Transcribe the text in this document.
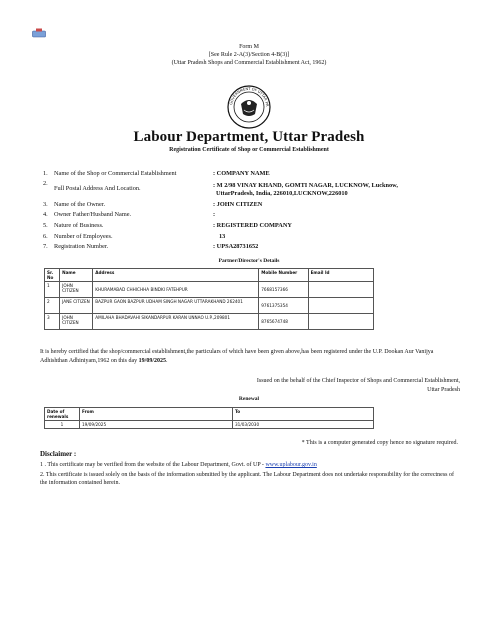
Form M
[See Rule 2-A(3)/Section 4-B(3)]
(Uttar Pradesh Shops and Commercial Establishment Act, 1962)
GOVERNMENT OF UTTAR PR
Labour Department, Uttar Pradesh
Registration Certificate of Shop or Commercial Establishment
1. Name of the Shop or Commercial Establishment	: COMPANY NAME
2.
Full Postal Address And Location.	: M 2/98 VINAY KHAND, GOMTI NAGAR, LUCKNOW, Lucknow,
UttarPradesh, India, 226010,LUCKNOW,226010
3. Name of the Owner.	: JOHN CITIZEN
4. Owner Father/Husband Name.	:
5. Nature of Business.	: REGISTERED COMPANY
6. Number of Employees.	13
7. Registration Number.	: UPSA28731652
Partner/Director's Details
Sr. No	Name	Address	Mobile Number	Email Id
1	JOHN CITIZEN	KHURAMABAD CHHICHHA BINDKI FATEHPUR	7668157366	
2	JANE CITIZEN	BAZPUR GAON BAZPUR UDHAM SINGH NAGAR UTTARAKHAND 262401	9761375354	
3	JOHN CITIZEN	AMILAHA BHADAVAHI SIKANDARPUR KARAN UNNAO U.P.,209801	8765674748	
It is hereby certified that the shop/commercial establishment,the particulars of which have been given above,has been registered under the U.P. Dookan Aur Vanijya Adhishthan Adhiniyam,1962 on this day 19/09/2025.
Issued on the behalf of the Chief Inspector of Shops and Commercial Establishment,
Uttar Pradesh
Renewal
Date of renewals	From	To
1	19/09/2025	31/03/2030
* This is a computer generated copy hence no signature required.
Disclaimer :
1 . This certificate may be verified from the website of the Labour Department, Govt. of UP - www.uplabour.gov.in
2. This certificate is issued solely on the basis of the information submitted by the applicant. The Labour Department does not undertake responsibility for the correctness of the information contained herein.
